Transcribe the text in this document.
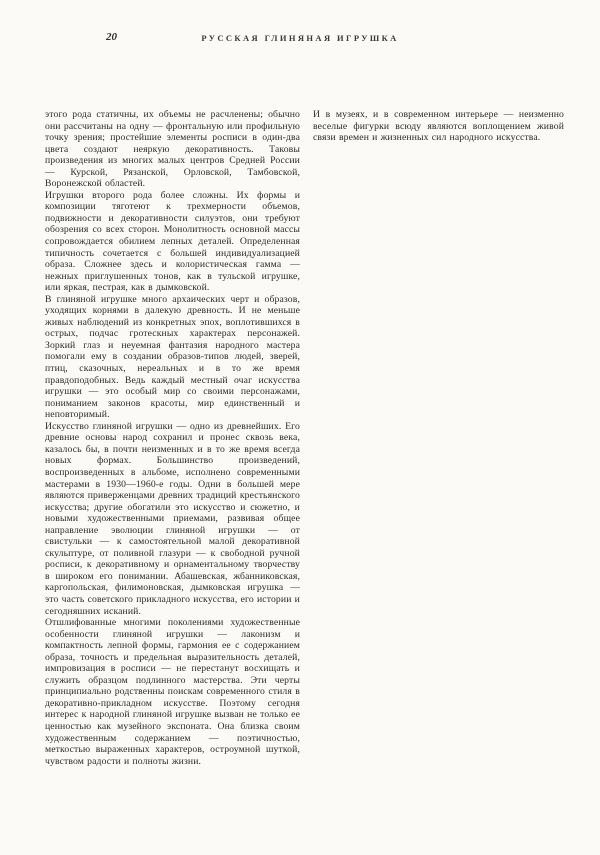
20	РУССКАЯ ГЛИНЯНАЯ ИГРУШКА

этого рода статичны, их объемы не расчленены; обычно они рассчитаны на одну — фронтальную или профильную точку зрения; простейшие элементы росписи в один-два цвета создают неяркую декоративность. Таковы произведения из многих малых центров Средней России — Курской, Рязанской, Орловской, Тамбовской, Воронежской областей.

Игрушки второго рода более сложны. Их формы и композиции тяготеют к трехмерности объемов, подвижности и декоративности силуэтов, они требуют обозрения со всех сторон. Монолитность основной массы сопровождается обилием лепных деталей. Определенная типичность сочетается с большей индивидуализацией образа. Сложнее здесь и колористическая гамма — нежных приглушенных тонов, как в тульской игрушке, или яркая, пестрая, как в дымковской.

В глиняной игрушке много архаических черт и образов, уходящих корнями в далекую древность. И не меньше живых наблюдений из конкретных эпох, воплотившихся в острых, подчас гротескных характерах персонажей. Зоркий глаз и неуемная фантазия народного мастера помогали ему в создании образов-типов людей, зверей, птиц, сказочных, нереальных и в то же время правдоподобных. Ведь каждый местный очаг искусства игрушки — это особый мир со своими персонажами, пониманием законов красоты, мир единственный и неповторимый.

Искусство глиняной игрушки — одно из древнейших. Его древние основы народ сохранил и пронес сквозь века, казалось бы, в почти неизменных и в то же время всегда новых формах. Большинство произведений, воспроизведенных в альбоме, исполнено современными мастерами в 1930—1960-е годы. Одни в большей мере являются приверженцами древних традиций крестьянского искусства; другие обогатили это искусство и сюжетно, и новыми художественными приемами, развивая общее направление эволюции глиняной игрушки — от свистульки — к самостоятельной малой декоративной скульптуре, от поливной глазури — к свободной ручной росписи, к декоративному и орнаментальному творчеству в широком его понимании. Абашевская, жбанниковская, каргопольская, филимоновская, дымковская игрушка — это часть советского прикладного искусства, его истории и сегодняшних исканий.

Отшлифованные многими поколениями художественные особенности глиняной игрушки — лаконизм и компактность лепной формы, гармония ее с содержанием образа, точность и предельная выразительность деталей, импровизация в росписи — не перестанут восхищать и служить образцом подлинного мастерства. Эти черты принципиально родственны поискам современного стиля в декоративно-прикладном искусстве. Поэтому сегодня интерес к народной глиняной игрушке вызван не только ее ценностью как музейного экспоната. Она близка своим художественным содержанием — поэтичностью, меткостью выраженных характеров, остроумной шуткой, чувством радости и полноты жизни.

И в музеях, и в современном интерьере — неизменно веселые фигурки всюду являются воплощением живой связи времен и жизненных сил народного искусства.
